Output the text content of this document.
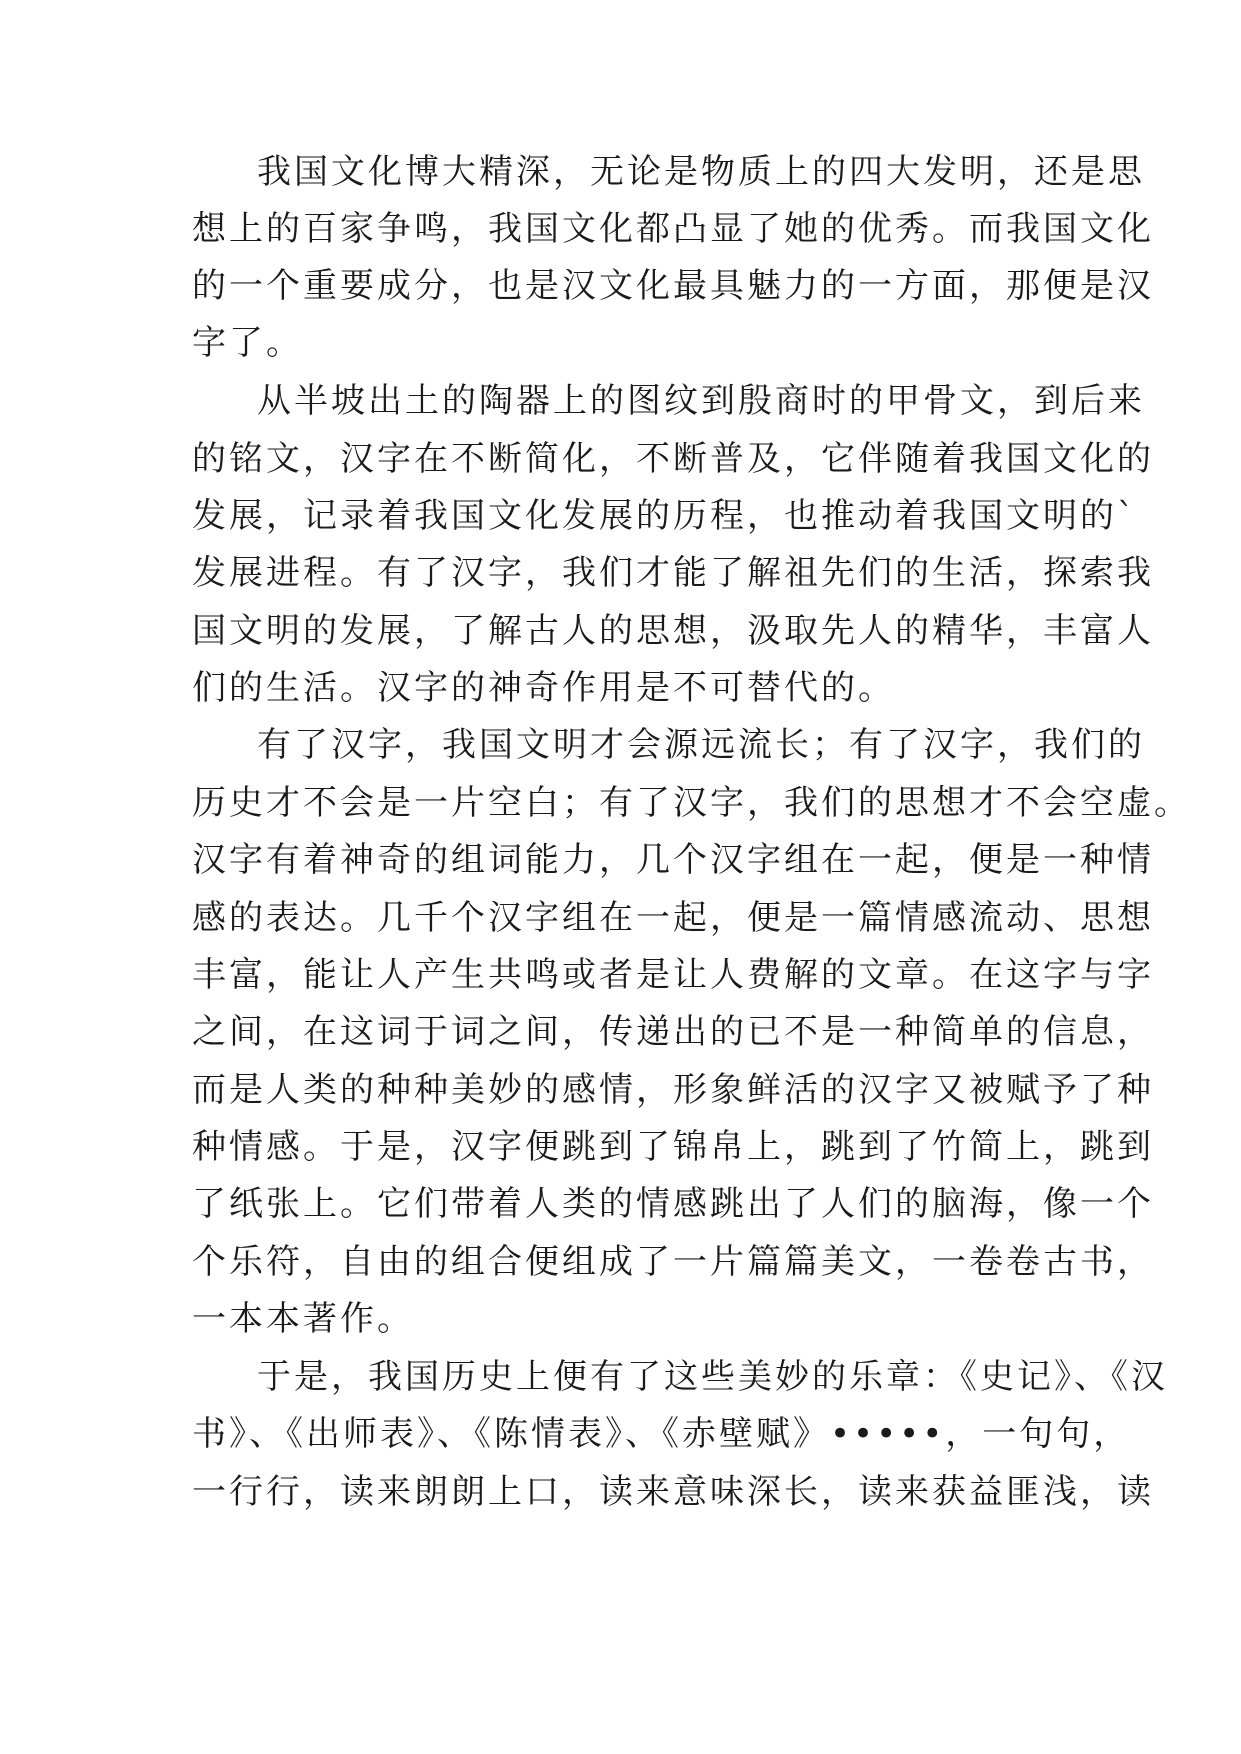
我国文化博大精深，无论是物质上的四大发明，还是思
想上的百家争鸣，我国文化都凸显了她的优秀。而我国文化
的一个重要成分，也是汉文化最具魅力的一方面，那便是汉
字了。
从半坡出土的陶器上的图纹到殷商时的甲骨文，到后来
的铭文，汉字在不断简化，不断普及，它伴随着我国文化的
发展，记录着我国文化发展的历程，也推动着我国文明的`
发展进程。有了汉字，我们才能了解祖先们的生活，探索我
国文明的发展，了解古人的思想，汲取先人的精华，丰富人
们的生活。汉字的神奇作用是不可替代的。
有了汉字，我国文明才会源远流长；有了汉字，我们的
历史才不会是一片空白；有了汉字，我们的思想才不会空虚。
汉字有着神奇的组词能力，几个汉字组在一起，便是一种情
感的表达。几千个汉字组在一起，便是一篇情感流动、思想
丰富，能让人产生共鸣或者是让人费解的文章。在这字与字
之间，在这词于词之间，传递出的已不是一种简单的信息，
而是人类的种种美妙的感情，形象鲜活的汉字又被赋予了种
种情感。于是，汉字便跳到了锦帛上，跳到了竹简上，跳到
了纸张上。它们带着人类的情感跳出了人们的脑海，像一个
个乐符，自由的组合便组成了一片篇篇美文，一卷卷古书，
一本本著作。
于是，我国历史上便有了这些美妙的乐章：《史记》、《汉
书》、《出师表》、《陈情表》、《赤壁赋》•••••，一句句，
一行行，读来朗朗上口，读来意味深长，读来获益匪浅，读
